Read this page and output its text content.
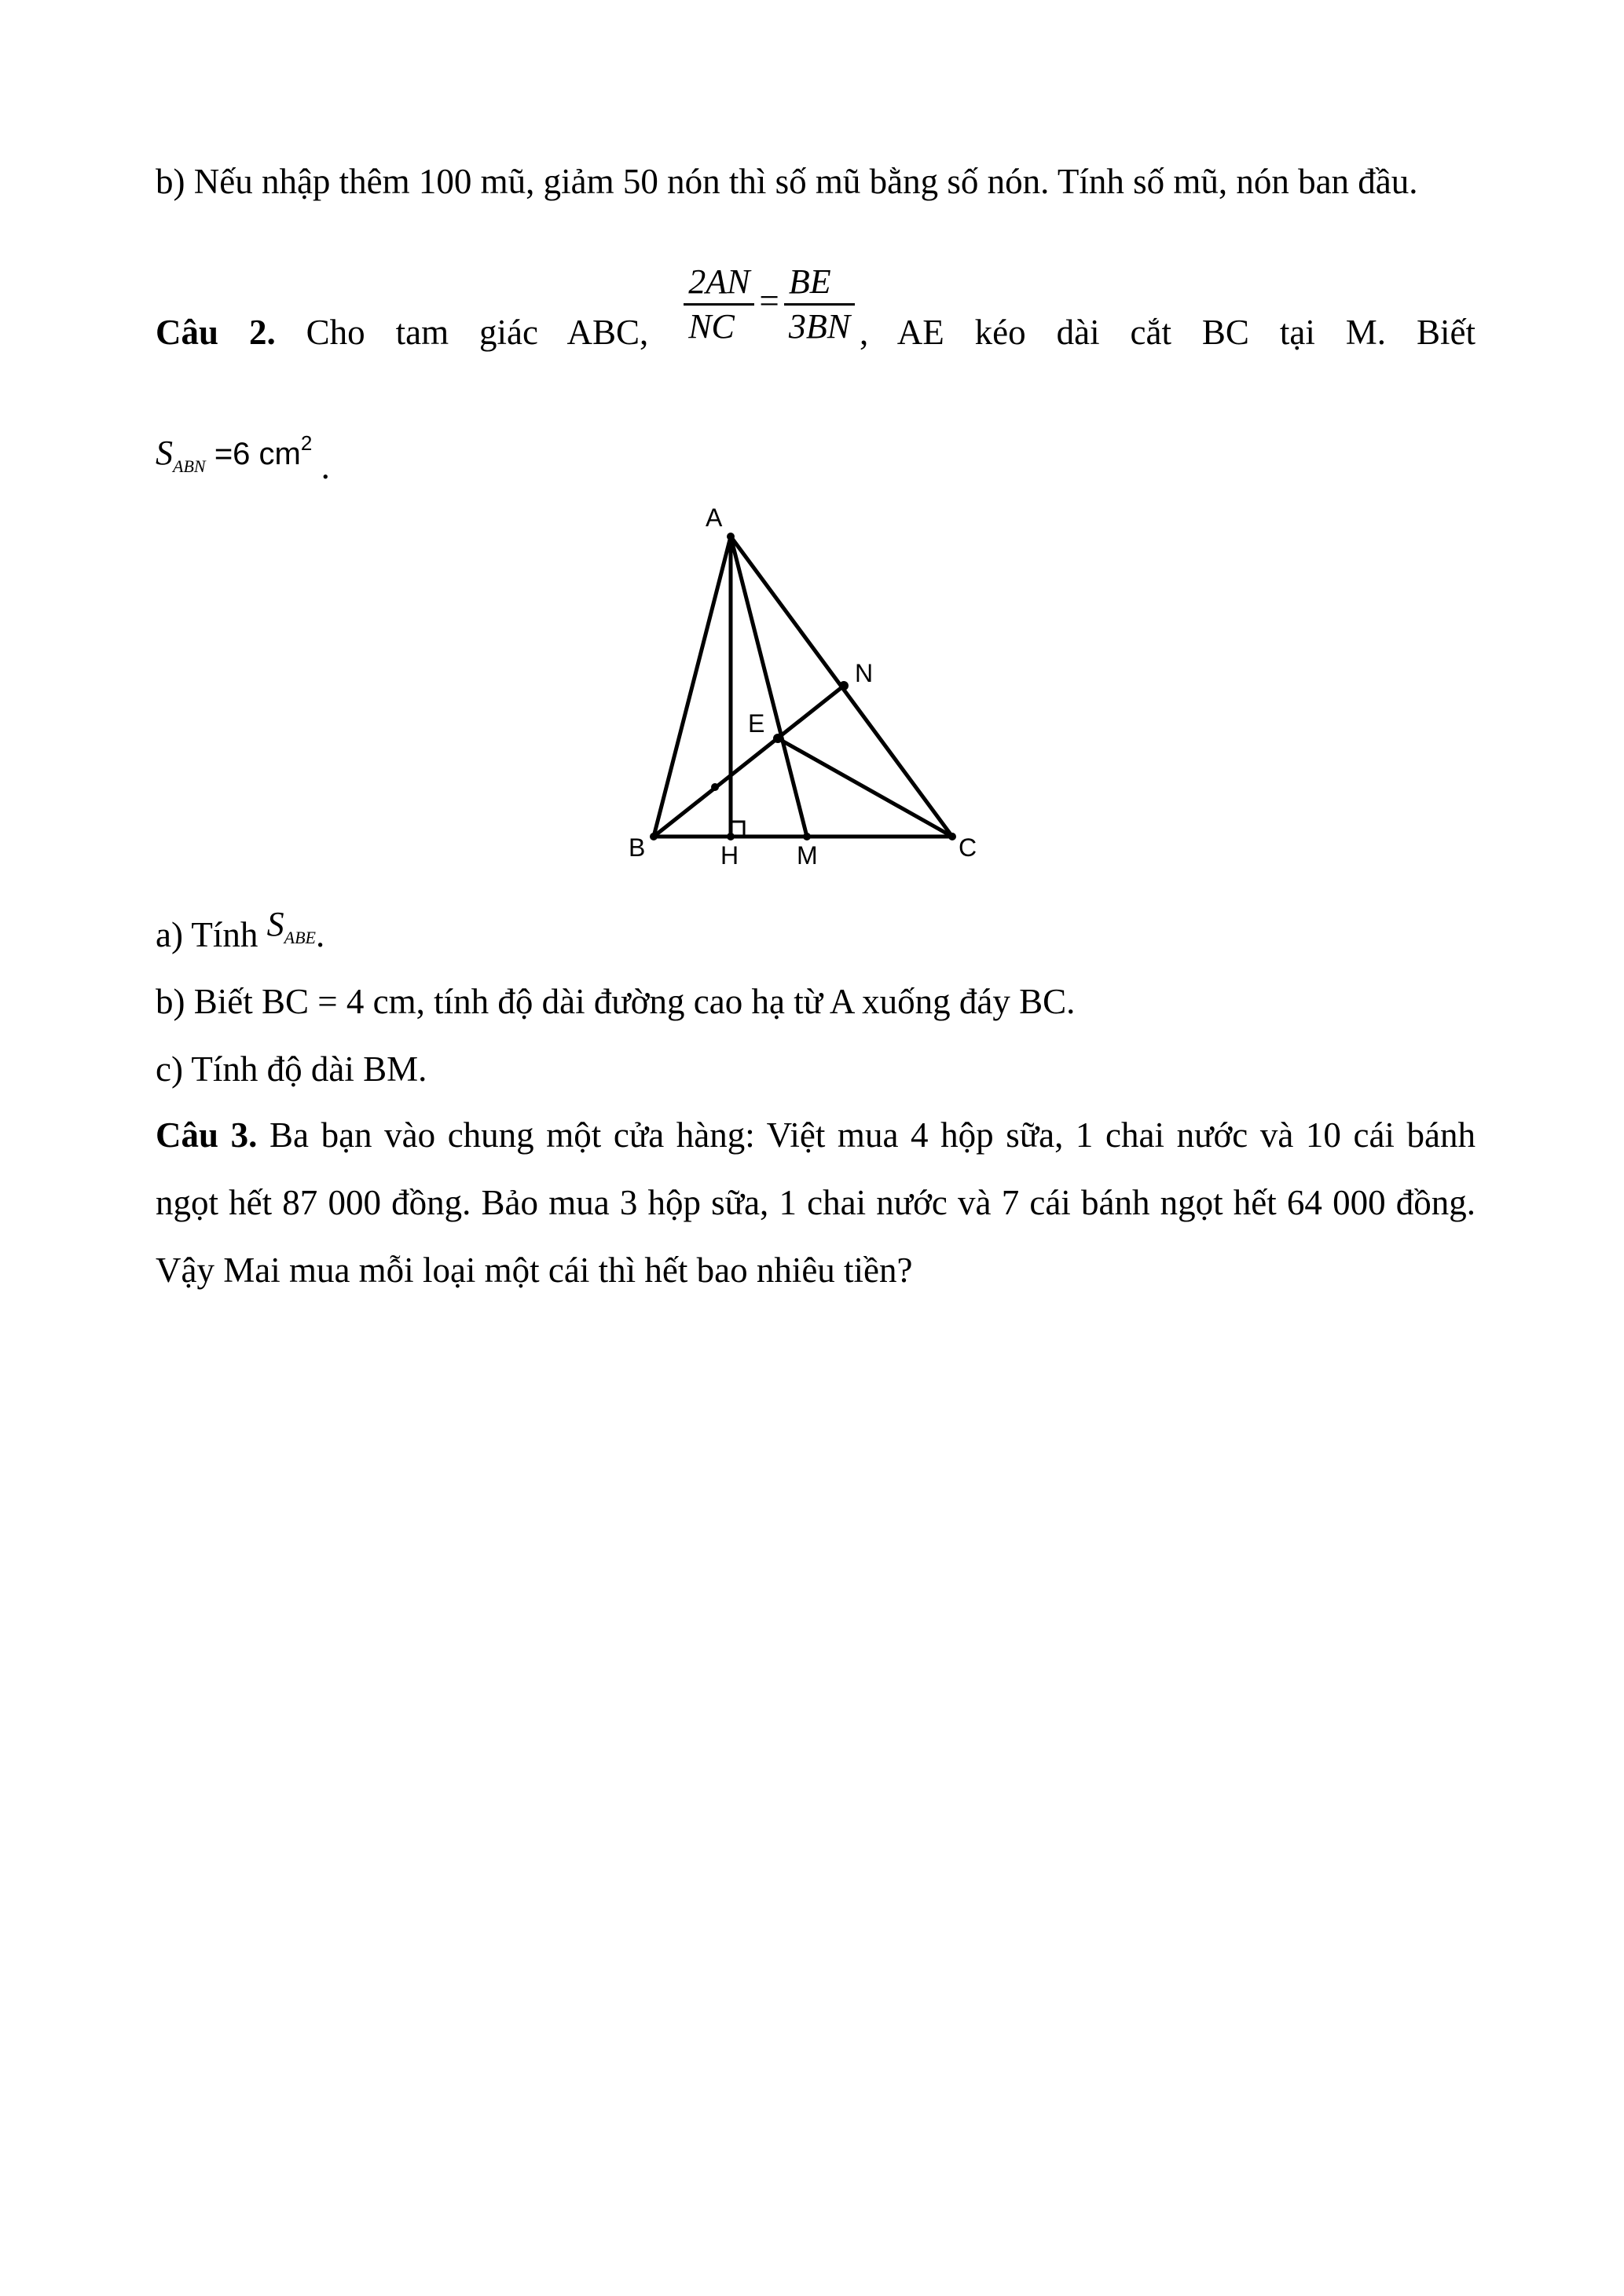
b) Nếu nhập thêm 100 mũ, giảm 50 nón thì số mũ bằng số nón. Tính số mũ, nón ban đầu.

Câu 2. Cho tam giác ABC, $\frac{2AN}{NC} = \frac{BE}{3BN}$ , AE kéo dài cắt BC tại M. Biết
$S_{ABN} =6$ $cm^2$ .
A
B	C
H M
N
E
a) Tính $S_{ABE}$.
b) Biết BC = 4 cm, tính độ dài đường cao hạ từ A xuống đáy BC.
c) Tính độ dài BM.

Câu 3. Ba bạn vào chung một cửa hàng: Việt mua 4 hộp sữa, 1 chai nước và 10 cái bánh ngọt hết 87 000 đồng. Bảo mua 3 hộp sữa, 1 chai nước và 7 cái bánh ngọt hết 64 000 đồng. Vậy Mai mua mỗi loại một cái thì hết bao nhiêu tiền?
